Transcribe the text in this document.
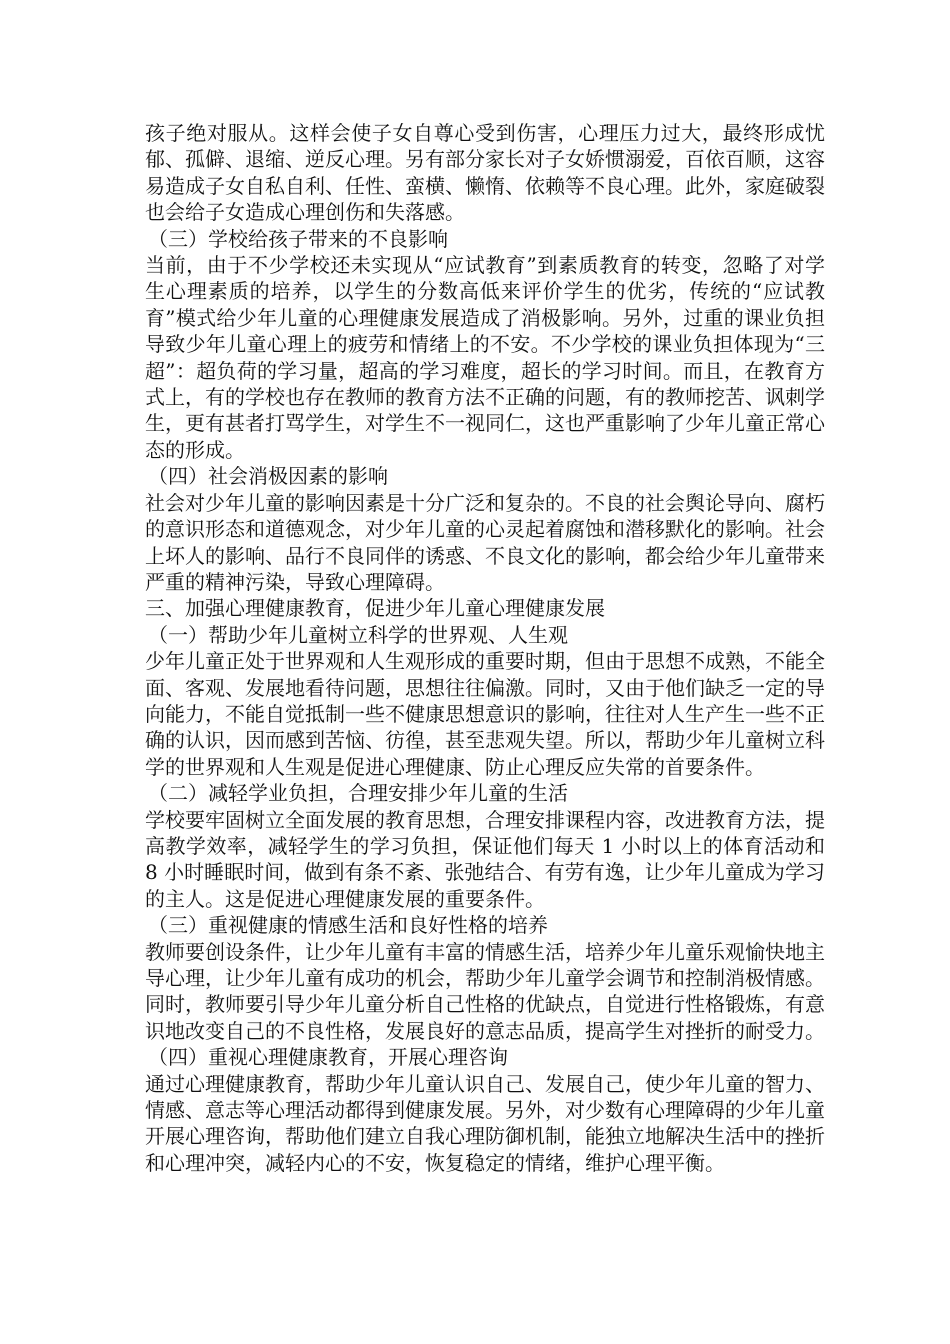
孩子绝对服从。这样会使子女自尊心受到伤害，心理压力过大，最终形成忧郁、孤僻、退缩、逆反心理。另有部分家长对子女娇惯溺爱，百依百顺，这容易造成子女自私自利、任性、蛮横、懒惰、依赖等不良心理。此外，家庭破裂也会给子女造成心理创伤和失落感。

（三）学校给孩子带来的不良影响

当前，由于不少学校还未实现从“应试教育”到素质教育的转变，忽略了对学生心理素质的培养，以学生的分数高低来评价学生的优劣，传统的“应试教育”模式给少年儿童的心理健康发展造成了消极影响。另外，过重的课业负担导致少年儿童心理上的疲劳和情绪上的不安。不少学校的课业负担体现为“三超”：超负荷的学习量，超高的学习难度，超长的学习时间。而且，在教育方式上，有的学校也存在教师的教育方法不正确的问题，有的教师挖苦、讽刺学生，更有甚者打骂学生，对学生不一视同仁，这也严重影响了少年儿童正常心态的形成。

（四）社会消极因素的影响

社会对少年儿童的影响因素是十分广泛和复杂的。不良的社会舆论导向、腐朽的意识形态和道德观念，对少年儿童的心灵起着腐蚀和潜移默化的影响。社会上坏人的影响、品行不良同伴的诱惑、不良文化的影响，都会给少年儿童带来严重的精神污染，导致心理障碍。

三、加强心理健康教育，促进少年儿童心理健康发展

（一）帮助少年儿童树立科学的世界观、人生观

少年儿童正处于世界观和人生观形成的重要时期，但由于思想不成熟，不能全面、客观、发展地看待问题，思想往往偏激。同时，又由于他们缺乏一定的导向能力，不能自觉抵制一些不健康思想意识的影响，往往对人生产生一些不正确的认识，因而感到苦恼、彷徨，甚至悲观失望。所以，帮助少年儿童树立科学的世界观和人生观是促进心理健康、防止心理反应失常的首要条件。

（二）减轻学业负担，合理安排少年儿童的生活

学校要牢固树立全面发展的教育思想，合理安排课程内容，改进教育方法，提高教学效率，减轻学生的学习负担，保证他们每天 1 小时以上的体育活动和 8 小时睡眠时间，做到有条不紊、张弛结合、有劳有逸，让少年儿童成为学习的主人。这是促进心理健康发展的重要条件。

（三）重视健康的情感生活和良好性格的培养

教师要创设条件，让少年儿童有丰富的情感生活，培养少年儿童乐观愉快地主导心理，让少年儿童有成功的机会，帮助少年儿童学会调节和控制消极情感。同时，教师要引导少年儿童分析自己性格的优缺点，自觉进行性格锻炼，有意识地改变自己的不良性格，发展良好的意志品质，提高学生对挫折的耐受力。

（四）重视心理健康教育，开展心理咨询

通过心理健康教育，帮助少年儿童认识自己、发展自己，使少年儿童的智力、情感、意志等心理活动都得到健康发展。另外，对少数有心理障碍的少年儿童开展心理咨询，帮助他们建立自我心理防御机制，能独立地解决生活中的挫折和心理冲突，减轻内心的不安，恢复稳定的情绪，维护心理平衡。
